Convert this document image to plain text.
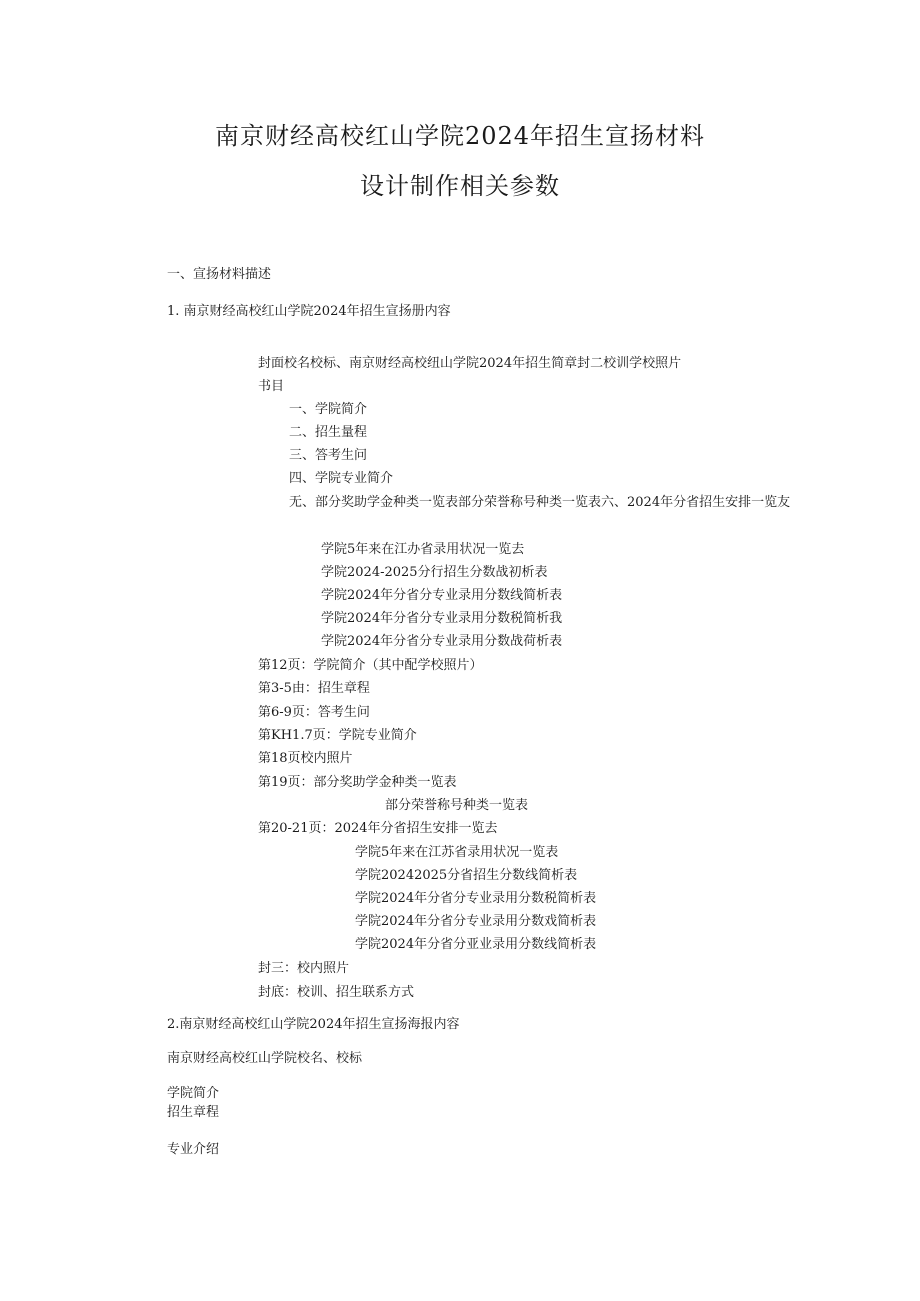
南京财经高校红山学院2024年招生宣扬材料
设计制作相关参数
一、宣扬材料描述
1. 南京财经高校红山学院2024年招生宣扬册内容
封面校名校标、南京财经高校纽山学院2024年招生简章封二校训学校照片
书目
一、学院简介
二、招生量程
三、答考生问
四、学院专业简介
无、部分奖助学金种类一览表部分荣誉称号种类一览表六、2024年分省招生安排一览友
学院5年来在江办省录用状况一览去
学院2024-2025分行招生分数战初析表
学院2024年分省分专业录用分数线简析表
学院2024年分省分专业录用分数税简析我
学院2024年分省分专业录用分数战荷析表
第12页：学院简介（其中配学校照片）
第3-5由：招生章程
第6-9页：答考生问
第KH1.7页：学院专业简介
第18页校内照片
第19页：部分奖助学金种类一览表
部分荣誉称号种类一览表
第20-21页：2024年分省招生安排一览去
学院5年来在江苏省录用状况一览表
学院20242025分省招生分数线简析表
学院2024年分省分专业录用分数税简析表
学院2024年分省分专业录用分数戏简析表
学院2024年分省分亚业录用分数线简析表
封三：校内照片
封底：校训、招生联系方式
2.南京财经高校红山学院2024年招生宣扬海报内容
南京财经高校红山学院校名、校标
学院简介
招生章程
专业介绍
